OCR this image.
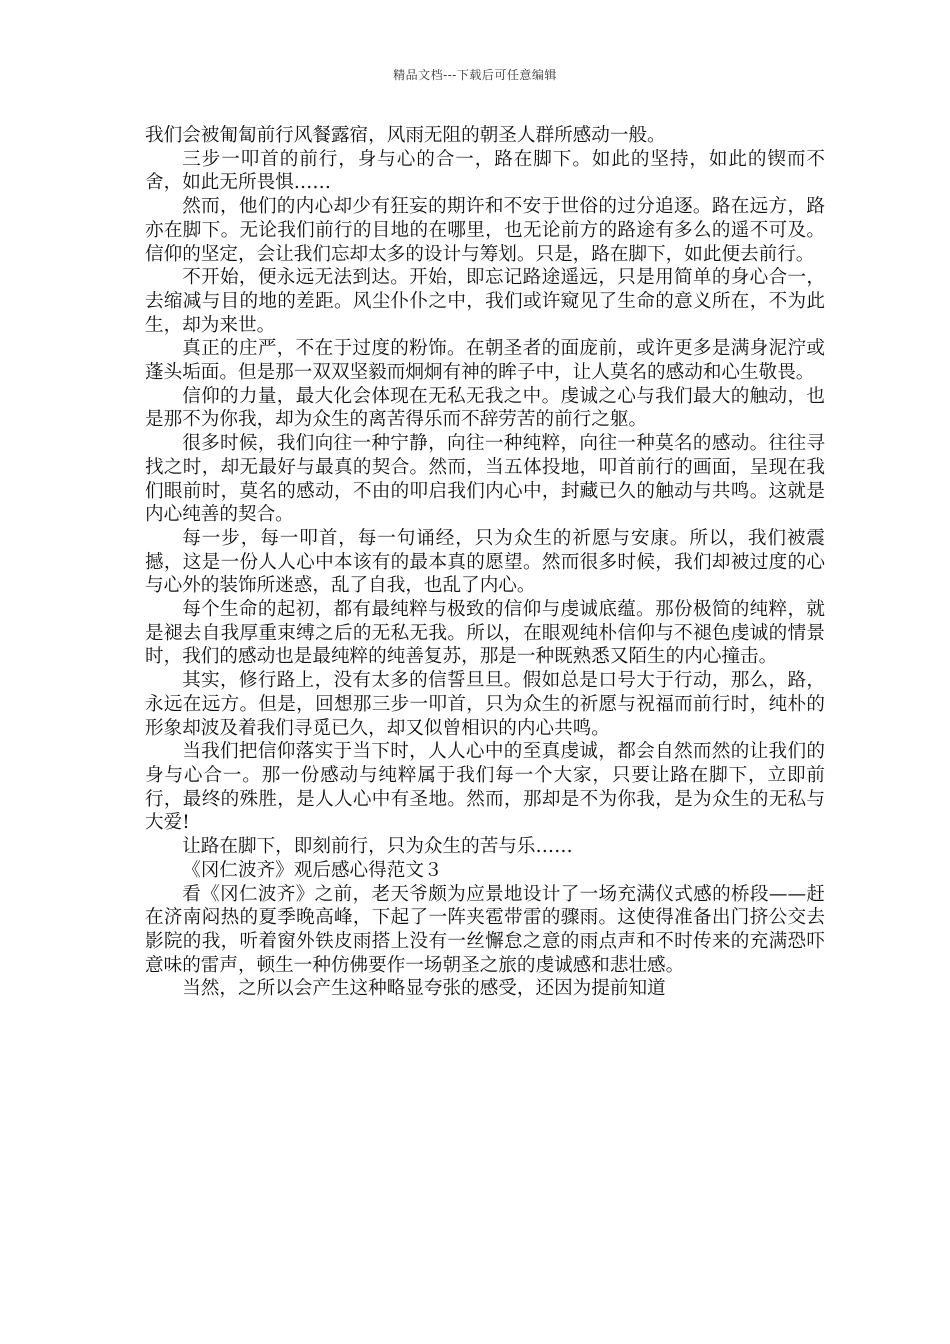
精品文档---下载后可任意编辑

我们会被匍匐前行风餐露宿，风雨无阻的朝圣人群所感动一般。

三步一叩首的前行，身与心的合一，路在脚下。如此的坚持，如此的锲而不舍，如此无所畏惧……

然而，他们的内心却少有狂妄的期许和不安于世俗的过分追逐。路在远方，路亦在脚下。无论我们前行的目地的在哪里，也无论前方的路途有多么的遥不可及。信仰的坚定，会让我们忘却太多的设计与筹划。只是，路在脚下，如此便去前行。

不开始，便永远无法到达。开始，即忘记路途遥远，只是用简单的身心合一，去缩减与目的地的差距。风尘仆仆之中，我们或许窥见了生命的意义所在，不为此生，却为来世。

真正的庄严，不在于过度的粉饰。在朝圣者的面庞前，或许更多是满身泥泞或蓬头垢面。但是那一双双坚毅而炯炯有神的眸子中，让人莫名的感动和心生敬畏。

信仰的力量，最大化会体现在无私无我之中。虔诚之心与我们最大的触动，也是那不为你我，却为众生的离苦得乐而不辞劳苦的前行之躯。

很多时候，我们向往一种宁静，向往一种纯粹，向往一种莫名的感动。往往寻找之时，却无最好与最真的契合。然而，当五体投地，叩首前行的画面，呈现在我们眼前时，莫名的感动，不由的叩启我们内心中，封藏已久的触动与共鸣。这就是内心纯善的契合。

每一步，每一叩首，每一句诵经，只为众生的祈愿与安康。所以，我们被震撼，这是一份人人心中本该有的最本真的愿望。然而很多时候，我们却被过度的心与心外的装饰所迷惑，乱了自我，也乱了内心。

每个生命的起初，都有最纯粹与极致的信仰与虔诚底蕴。那份极简的纯粹，就是褪去自我厚重束缚之后的无私无我。所以，在眼观纯朴信仰与不褪色虔诚的情景时，我们的感动也是最纯粹的纯善复苏，那是一种既熟悉又陌生的内心撞击。

其实，修行路上，没有太多的信誓旦旦。假如总是口号大于行动，那么，路，永远在远方。但是，回想那三步一叩首，只为众生的祈愿与祝福而前行时，纯朴的形象却波及着我们寻觅已久，却又似曾相识的内心共鸣。

当我们把信仰落实于当下时，人人心中的至真虔诚，都会自然而然的让我们的身与心合一。那一份感动与纯粹属于我们每一个大家，只要让路在脚下，立即前行，最终的殊胜，是人人心中有圣地。然而，那却是不为你我，是为众生的无私与大爱!

让路在脚下，即刻前行，只为众生的苦与乐……

《冈仁波齐》观后感心得范文３

看《冈仁波齐》之前，老天爷颇为应景地设计了一场充满仪式感的桥段——赶在济南闷热的夏季晚高峰，下起了一阵夹雹带雷的骤雨。这使得准备出门挤公交去影院的我，听着窗外铁皮雨搭上没有一丝懈怠之意的雨点声和不时传来的充满恐吓意味的雷声，顿生一种仿佛要作一场朝圣之旅的虔诚感和悲壮感。

当然，之所以会产生这种略显夸张的感受，还因为提前知道
